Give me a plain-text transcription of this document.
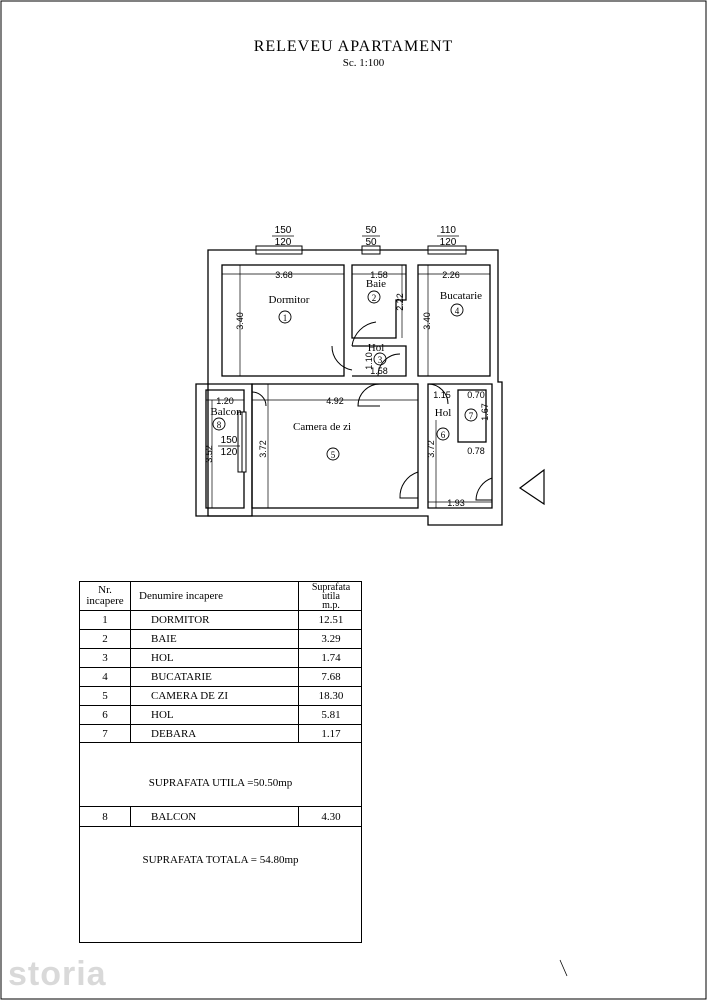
RELEVEU APARTAMENT
Sc. 1:100
150
120
50
50
110
120
150
120
3.68	1.58	2.26
3.40
2.22
3.40
1.10
1.58
1.20	4.92
1.15 0.70
1.67
0.78
3.52	3.72	3.72
1.93
Dormitor
1
Baie
2
Hol
3
Bucatarie
4
Camera de zi
5
Hol
6
7
Balcon
8
Nr.
incapere	Denumire incapere
Suprafata
utila
m.p.
1	DORMITOR	12.51
2	BAIE	3.29
3	HOL	1.74
4	BUCATARIE	7.68
5	CAMERA DE ZI	18.30
6	HOL	5.81
7	DEBARA	1.17
SUPRAFATA UTILA =50.50mp
8	BALCON	4.30
SUPRAFATA TOTALA = 54.80mp
storia
